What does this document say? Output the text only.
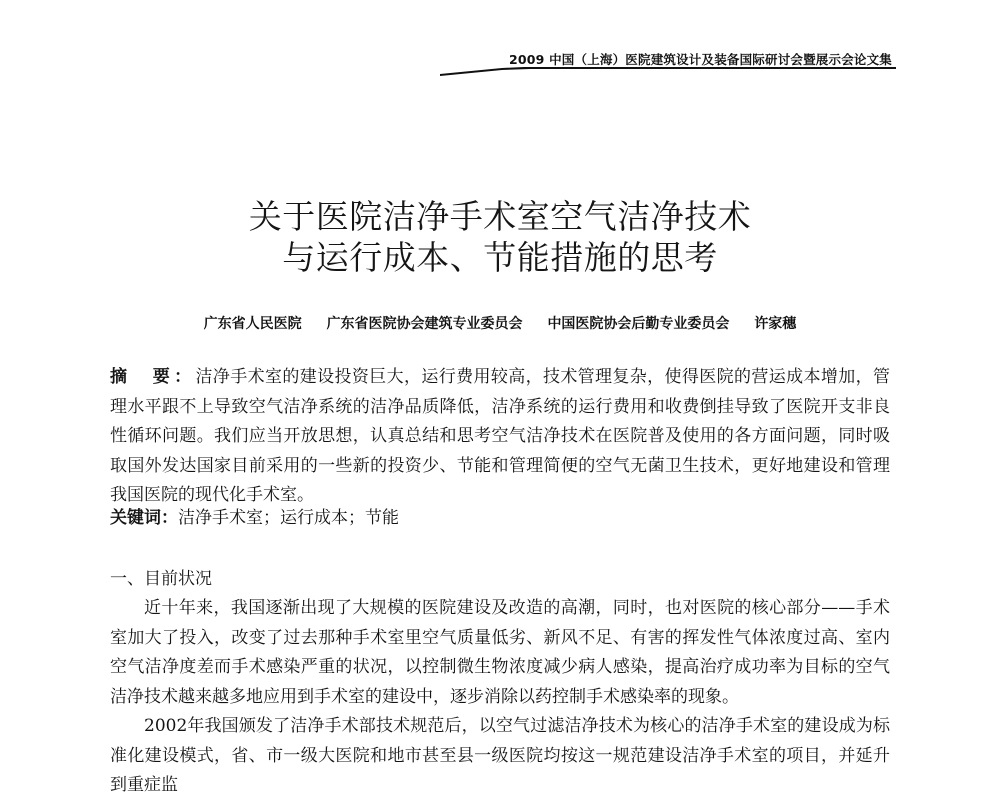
2009 中国（上海）医院建筑设计及装备国际研讨会暨展示会论文集
关于医院洁净手术室空气洁净技术
与运行成本、节能措施的思考
广东省人民医院 广东省医院协会建筑专业委员会 中国医院协会后勤专业委员会 许家穗
摘　要：洁净手术室的建设投资巨大，运行费用较高，技术管理复杂，使得医院的营运成本增加，管理水平跟不上导致空气洁净系统的洁净品质降低，洁净系统的运行费用和收费倒挂导致了医院开支非良性循环问题。我们应当开放思想，认真总结和思考空气洁净技术在医院普及使用的各方面问题，同时吸取国外发达国家目前采用的一些新的投资少、节能和管理简便的空气无菌卫生技术，更好地建设和管理我国医院的现代化手术室。
关键词：洁净手术室；运行成本；节能
一、目前状况

近十年来，我国逐渐出现了大规模的医院建设及改造的高潮，同时，也对医院的核心部分——手术室加大了投入，改变了过去那种手术室里空气质量低劣、新风不足、有害的挥发性气体浓度过高、室内空气洁净度差而手术感染严重的状况，以控制微生物浓度减少病人感染，提高治疗成功率为目标的空气洁净技术越来越多地应用到手术室的建设中，逐步消除以药控制手术感染率的现象。

2002年我国颁发了洁净手术部技术规范后，以空气过滤洁净技术为核心的洁净手术室的建设成为标准化建设模式，省、市一级大医院和地市甚至县一级医院均按这一规范建设洁净手术室的项目，并延升到重症监
